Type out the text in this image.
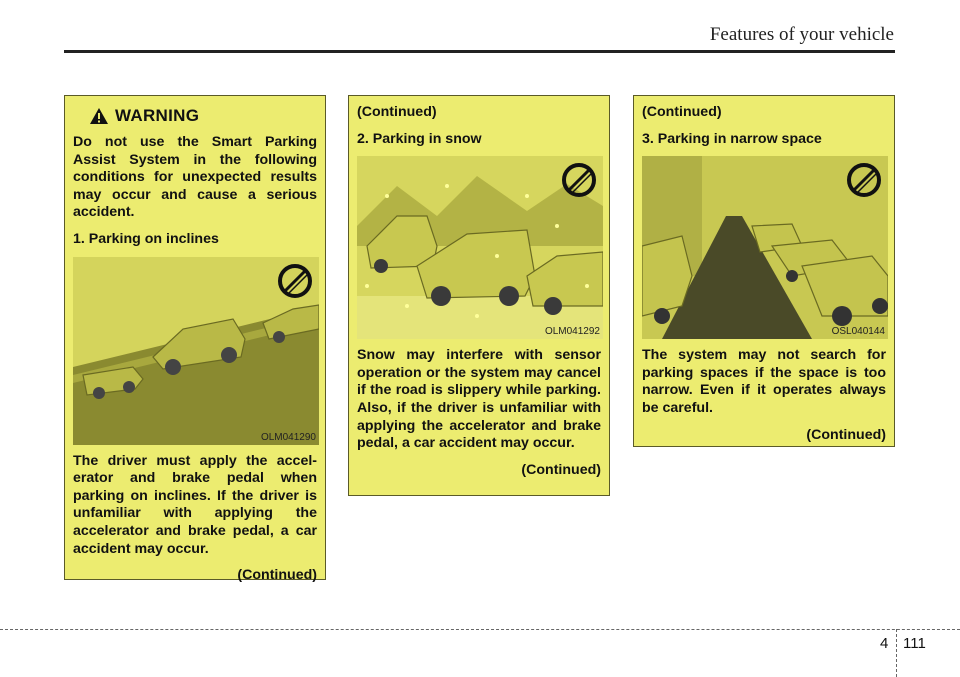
Features of your vehicle
WARNING

Do not use the Smart Parking Assist System in the following conditions for unexpected results may occur and cause a serious accident.

1. Parking on inclines

OLM041290

The driver must apply the accel- erator and brake pedal when parking on inclines. If the driver is unfamiliar with applying the accelerator and brake pedal, a car accident may occur.

(Continued)

(Continued)

2. Parking in snow

OLM041292

Snow may interfere with sensor operation or the system may cancel if the road is slippery while parking. Also, if the driver is unfamiliar with applying the accelerator and brake pedal, a car accident may occur.

(Continued)

(Continued)

3. Parking in narrow space

OSL040144

The system may not search for parking spaces if the space is too narrow. Even if it operates always be careful.

(Continued)

4 111
